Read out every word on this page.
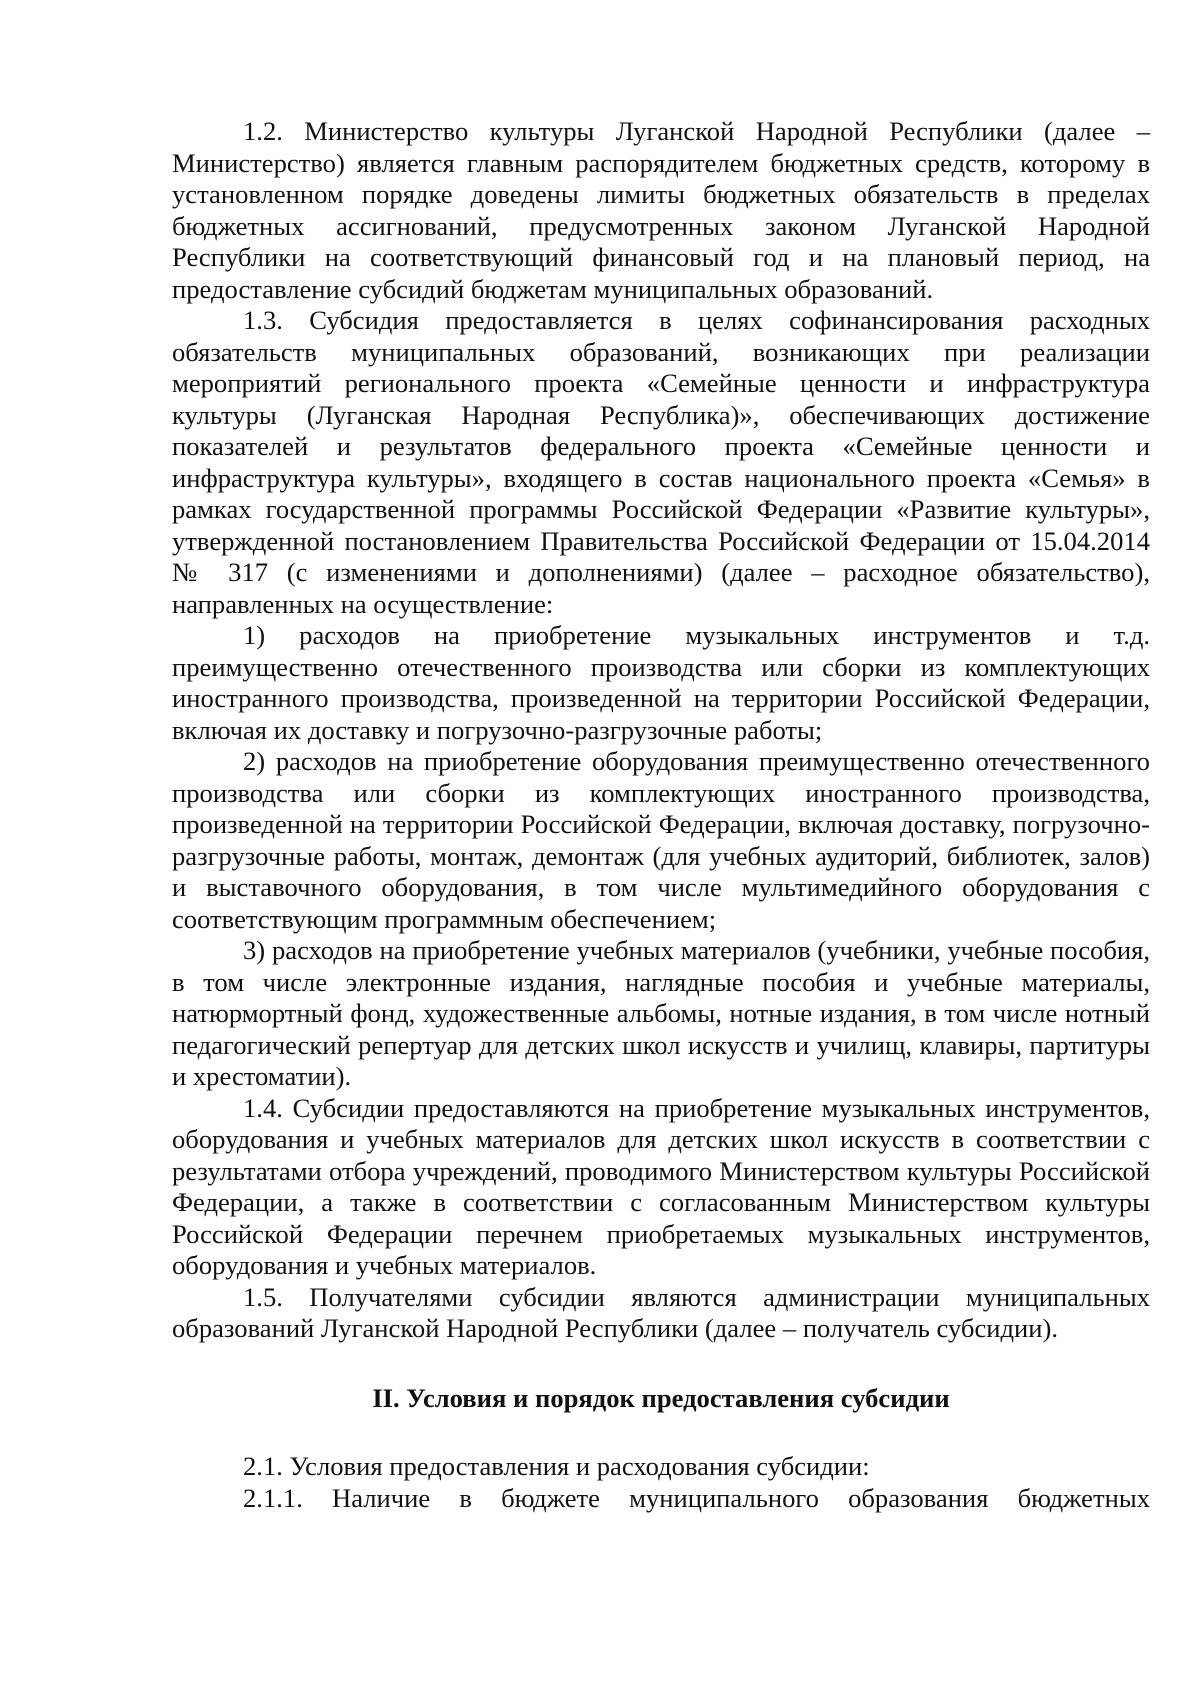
1.2. Министерство культуры Луганской Народной Республики (далее – Министерство) является главным распорядителем бюджетных средств, которому в установленном порядке доведены лимиты бюджетных обязательств в пределах бюджетных ассигнований, предусмотренных законом Луганской Народной Республики на соответствующий финансовый год и на плановый период, на предоставление субсидий бюджетам муниципальных образований.

1.3. Субсидия предоставляется в целях софинансирования расходных обязательств муниципальных образований, возникающих при реализации мероприятий регионального проекта «Семейные ценности и инфраструктура культуры (Луганская Народная Республика)», обеспечивающих достижение показателей и результатов федерального проекта «Семейные ценности и инфраструктура культуры», входящего в состав национального проекта «Семья» в рамках государственной программы Российской Федерации «Развитие культуры», утвержденной постановлением Правительства Российской Федерации от 15.04.2014 № 317 (с изменениями и дополнениями) (далее – расходное обязательство), направленных на осуществление:

1) расходов на приобретение музыкальных инструментов и т.д. преимущественно отечественного производства или сборки из комплектующих иностранного производства, произведенной на территории Российской Федерации, включая их доставку и погрузочно-разгрузочные работы;

2) расходов на приобретение оборудования преимущественно отечественного производства или сборки из комплектующих иностранного производства, произведенной на территории Российской Федерации, включая доставку, погрузочно-разгрузочные работы, монтаж, демонтаж (для учебных аудиторий, библиотек, залов) и выставочного оборудования, в том числе мультимедийного оборудования с соответствующим программным обеспечением;

3) расходов на приобретение учебных материалов (учебники, учебные пособия, в том числе электронные издания, наглядные пособия и учебные материалы, натюрмортный фонд, художественные альбомы, нотные издания, в том числе нотный педагогический репертуар для детских школ искусств и училищ, клавиры, партитуры и хрестоматии).

1.4. Субсидии предоставляются на приобретение музыкальных инструментов, оборудования и учебных материалов для детских школ искусств в соответствии с результатами отбора учреждений, проводимого Министерством культуры Российской Федерации, а также в соответствии с согласованным Министерством культуры Российской Федерации перечнем приобретаемых музыкальных инструментов, оборудования и учебных материалов.

1.5. Получателями субсидии являются администрации муниципальных образований Луганской Народной Республики (далее – получатель субсидии).

II. Условия и порядок предоставления субсидии

2.1. Условия предоставления и расходования субсидии:

2.1.1. Наличие в бюджете муниципального образования бюджетных
